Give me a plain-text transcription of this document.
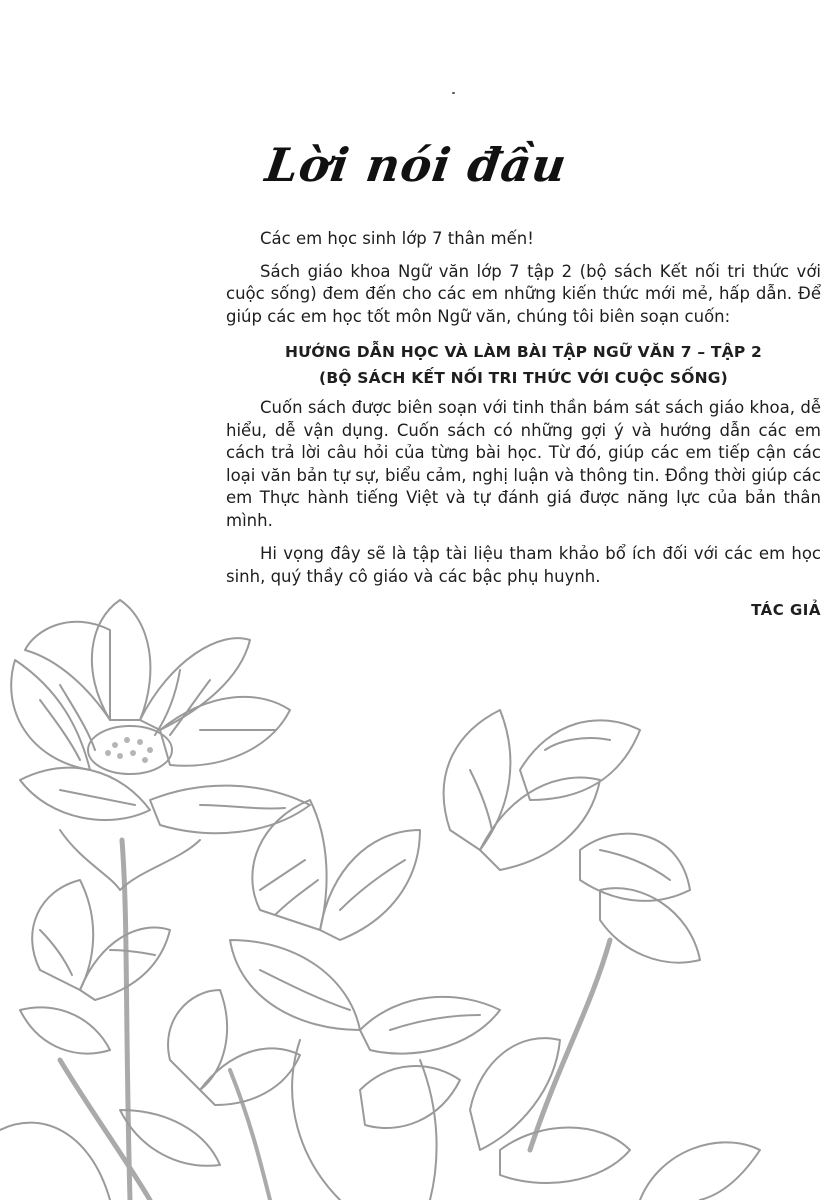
Lời nói đầu

Các em học sinh lớp 7 thân mến!

Sách giáo khoa Ngữ văn lớp 7 tập 2 (bộ sách Kết nối tri thức với cuộc sống) đem đến cho các em những kiến thức mới mẻ, hấp dẫn. Để giúp các em học tốt môn Ngữ văn, chúng tôi biên soạn cuốn:

HƯỚNG DẪN HỌC VÀ LÀM BÀI TẬP NGỮ VĂN 7 – TẬP 2
(BỘ SÁCH KẾT NỐI TRI THỨC VỚI CUỘC SỐNG)

Cuốn sách được biên soạn với tinh thần bám sát sách giáo khoa, dễ hiểu, dễ vận dụng. Cuốn sách có những gợi ý và hướng dẫn các em cách trả lời câu hỏi của từng bài học. Từ đó, giúp các em tiếp cận các loại văn bản tự sự, biểu cảm, nghị luận và thông tin. Đồng thời giúp các em Thực hành tiếng Việt và tự đánh giá được năng lực của bản thân mình.

Hi vọng đây sẽ là tập tài liệu tham khảo bổ ích đối với các em học sinh, quý thầy cô giáo và các bậc phụ huynh.

TÁC GIẢ
